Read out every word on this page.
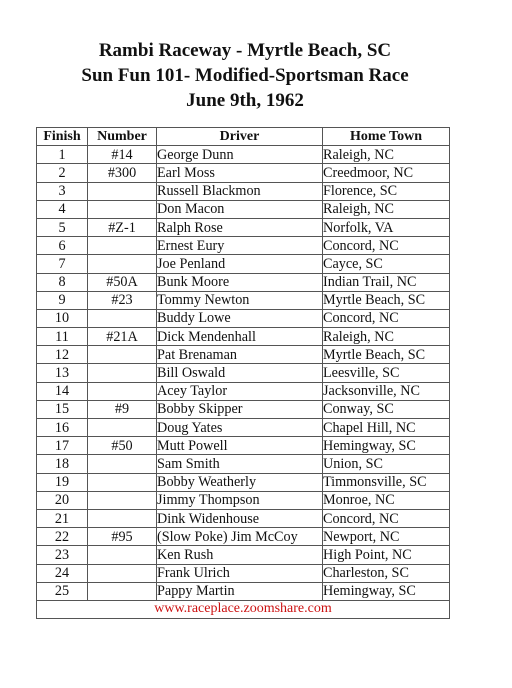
Rambi Raceway - Myrtle Beach, SC
Sun Fun 101- Modified-Sportsman Race
June 9th, 1962
Finish	Number	Driver	Home Town
1	#14	George Dunn	Raleigh, NC
2	#300	Earl Moss	Creedmoor, NC
3		Russell Blackmon	Florence, SC
4		Don Macon	Raleigh, NC
5	#Z-1	Ralph Rose	Norfolk, VA
6		Ernest Eury	Concord, NC
7		Joe Penland	Cayce, SC
8	#50A	Bunk Moore	Indian Trail, NC
9	#23	Tommy Newton	Myrtle Beach, SC
10		Buddy Lowe	Concord, NC
11	#21A	Dick Mendenhall	Raleigh, NC
12		Pat Brenaman	Myrtle Beach, SC
13		Bill Oswald	Leesville, SC
14		Acey Taylor	Jacksonville, NC
15	#9	Bobby Skipper	Conway, SC
16		Doug Yates	Chapel Hill, NC
17	#50	Mutt Powell	Hemingway, SC
18		Sam Smith	Union, SC
19		Bobby Weatherly	Timmonsville, SC
20		Jimmy Thompson	Monroe, NC
21		Dink Widenhouse	Concord, NC
22	#95	(Slow Poke) Jim McCoy	Newport, NC
23		Ken Rush	High Point, NC
24		Frank Ulrich	Charleston, SC
25		Pappy Martin	Hemingway, SC
www.raceplace.zoomshare.com			
